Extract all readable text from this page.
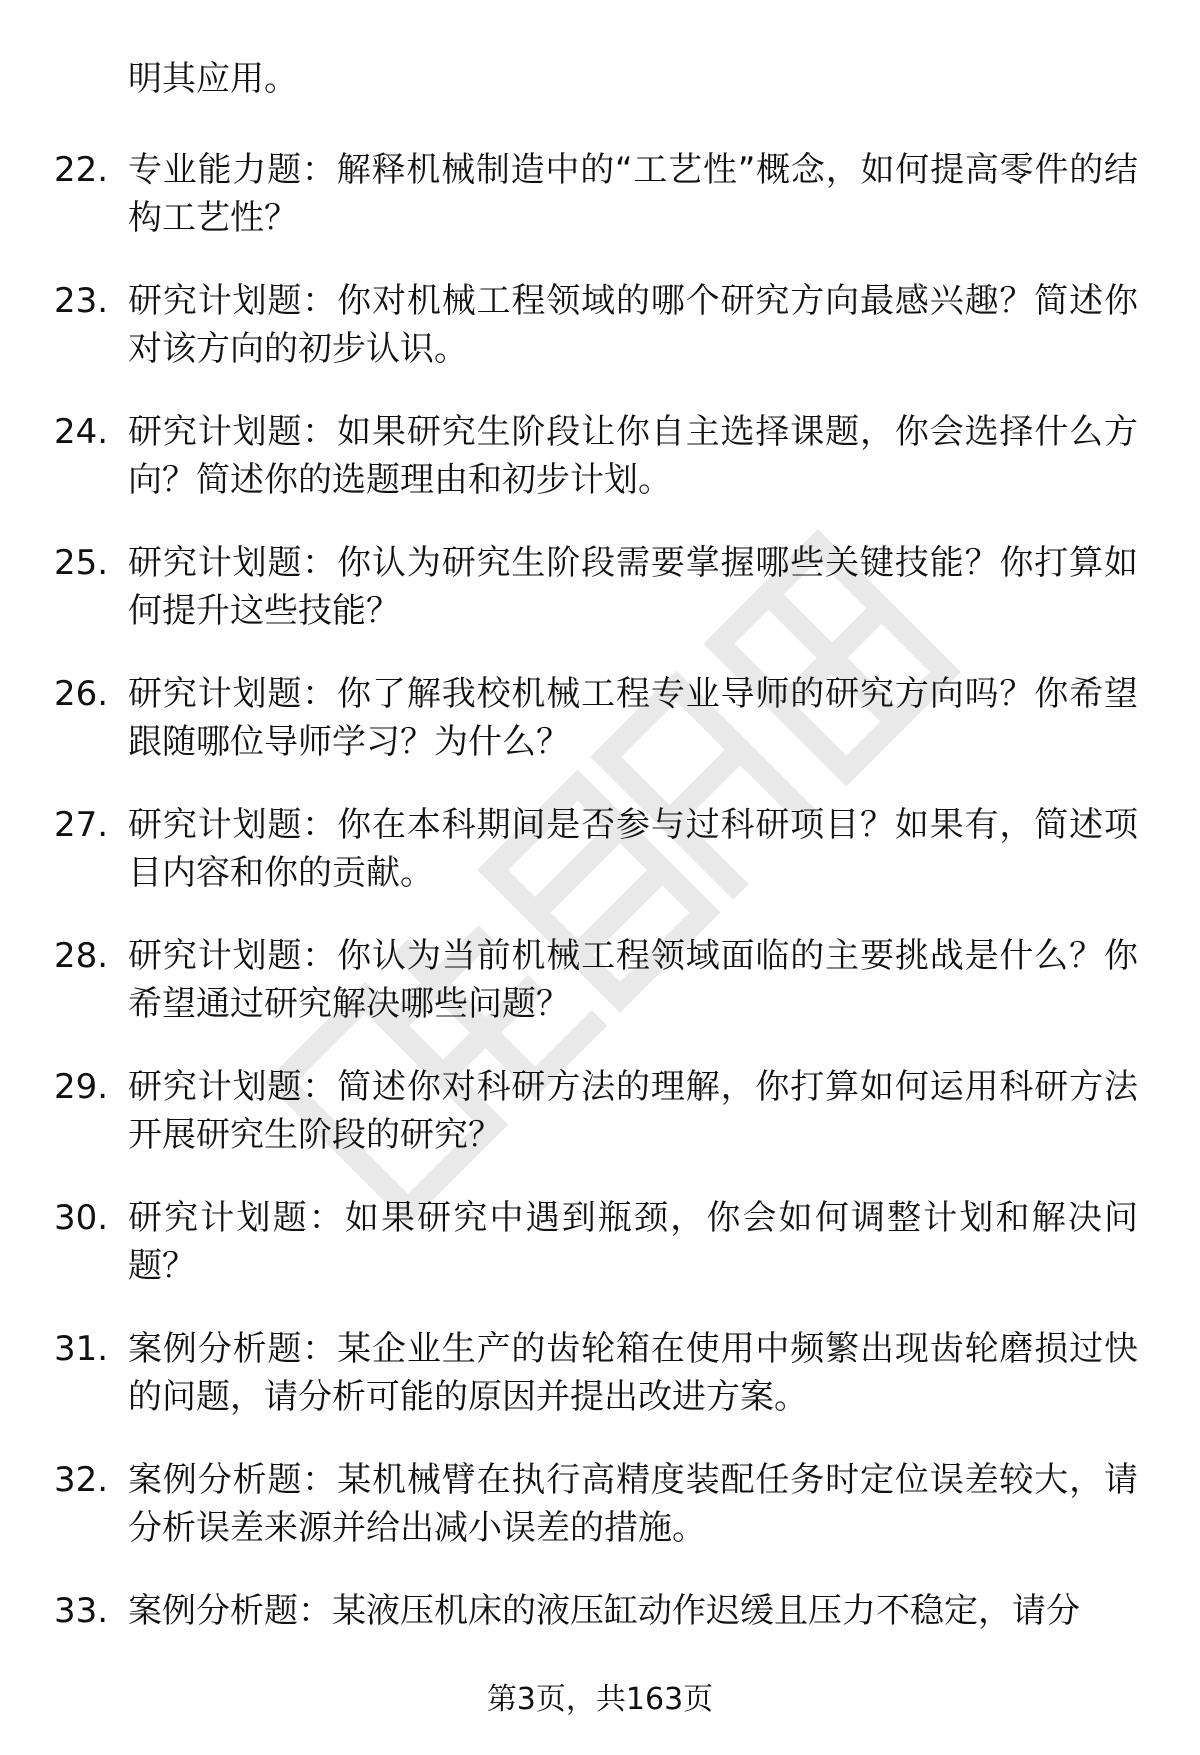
明其应用。

22. 专业能力题：解释机械制造中的“工艺性”概念，如何提高零件的结构工艺性？

23. 研究计划题：你对机械工程领域的哪个研究方向最感兴趣？简述你对该方向的初步认识。

24. 研究计划题：如果研究生阶段让你自主选择课题，你会选择什么方向？简述你的选题理由和初步计划。

25. 研究计划题：你认为研究生阶段需要掌握哪些关键技能？你打算如何提升这些技能？

26. 研究计划题：你了解我校机械工程专业导师的研究方向吗？你希望跟随哪位导师学习？为什么？

27. 研究计划题：你在本科期间是否参与过科研项目？如果有，简述项目内容和你的贡献。

28. 研究计划题：你认为当前机械工程领域面临的主要挑战是什么？你希望通过研究解决哪些问题？

29. 研究计划题：简述你对科研方法的理解，你打算如何运用科研方法开展研究生阶段的研究？

30. 研究计划题：如果研究中遇到瓶颈，你会如何调整计划和解决问题？

31. 案例分析题：某企业生产的齿轮箱在使用中频繁出现齿轮磨损过快的问题，请分析可能的原因并提出改进方案。

32. 案例分析题：某机械臂在执行高精度装配任务时定位误差较大，请分析误差来源并给出减小误差的措施。

33. 案例分析题：某液压机床的液压缸动作迟缓且压力不稳定，请分

第3页，共163页
